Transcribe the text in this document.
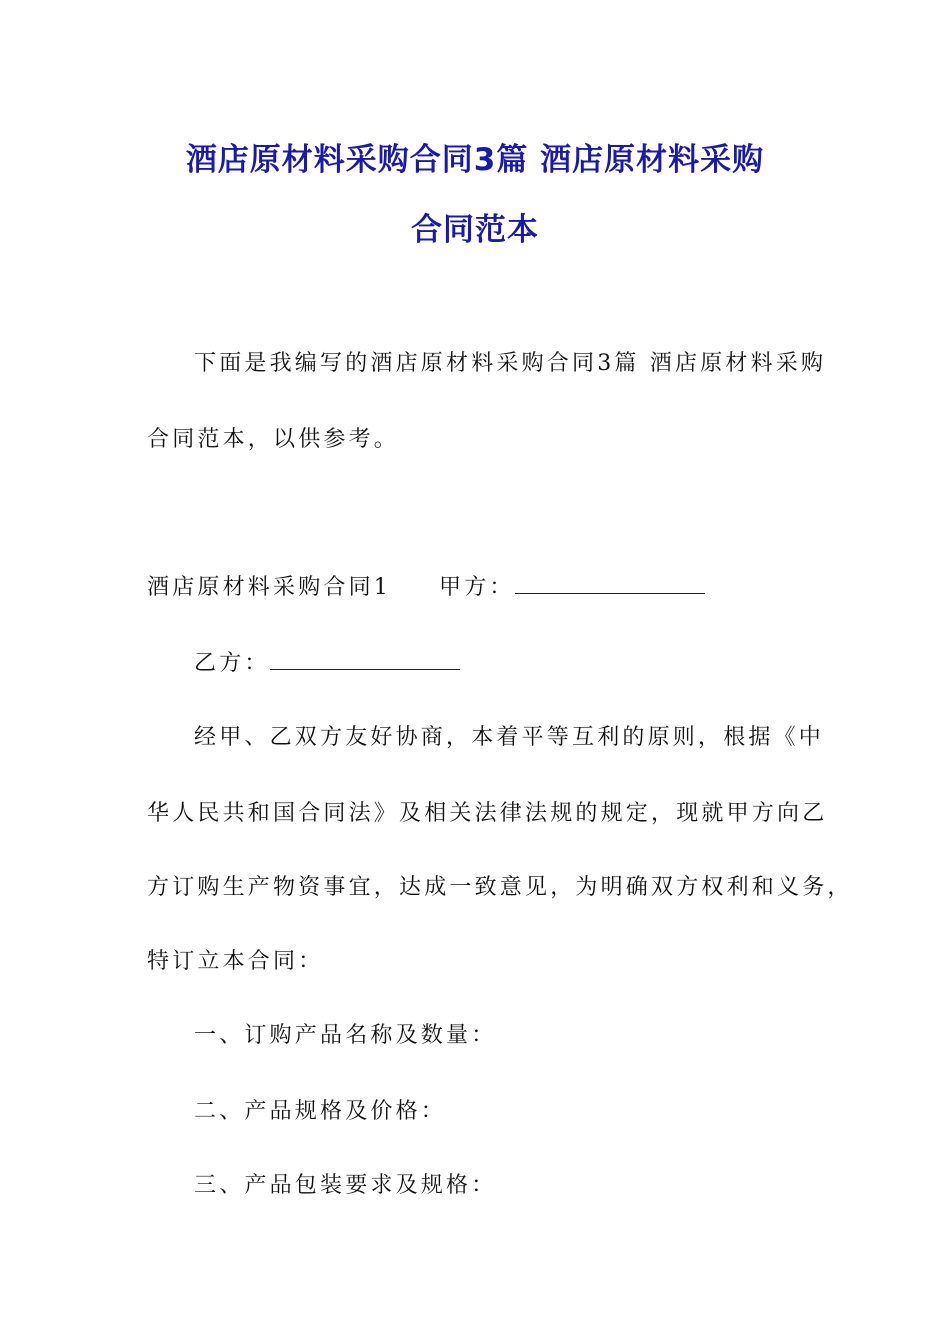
酒店原材料采购合同3篇 酒店原材料采购
合同范本
下面是我编写的酒店原材料采购合同3篇 酒店原材料采购
合同范本，以供参考。
酒店原材料采购合同1 甲方：
乙方：
经甲、乙双方友好协商，本着平等互利的原则，根据《中
华人民共和国合同法》及相关法律法规的规定，现就甲方向乙
方订购生产物资事宜，达成一致意见，为明确双方权利和义务，
特订立本合同：
一、订购产品名称及数量：
二、产品规格及价格：
三、产品包装要求及规格：
